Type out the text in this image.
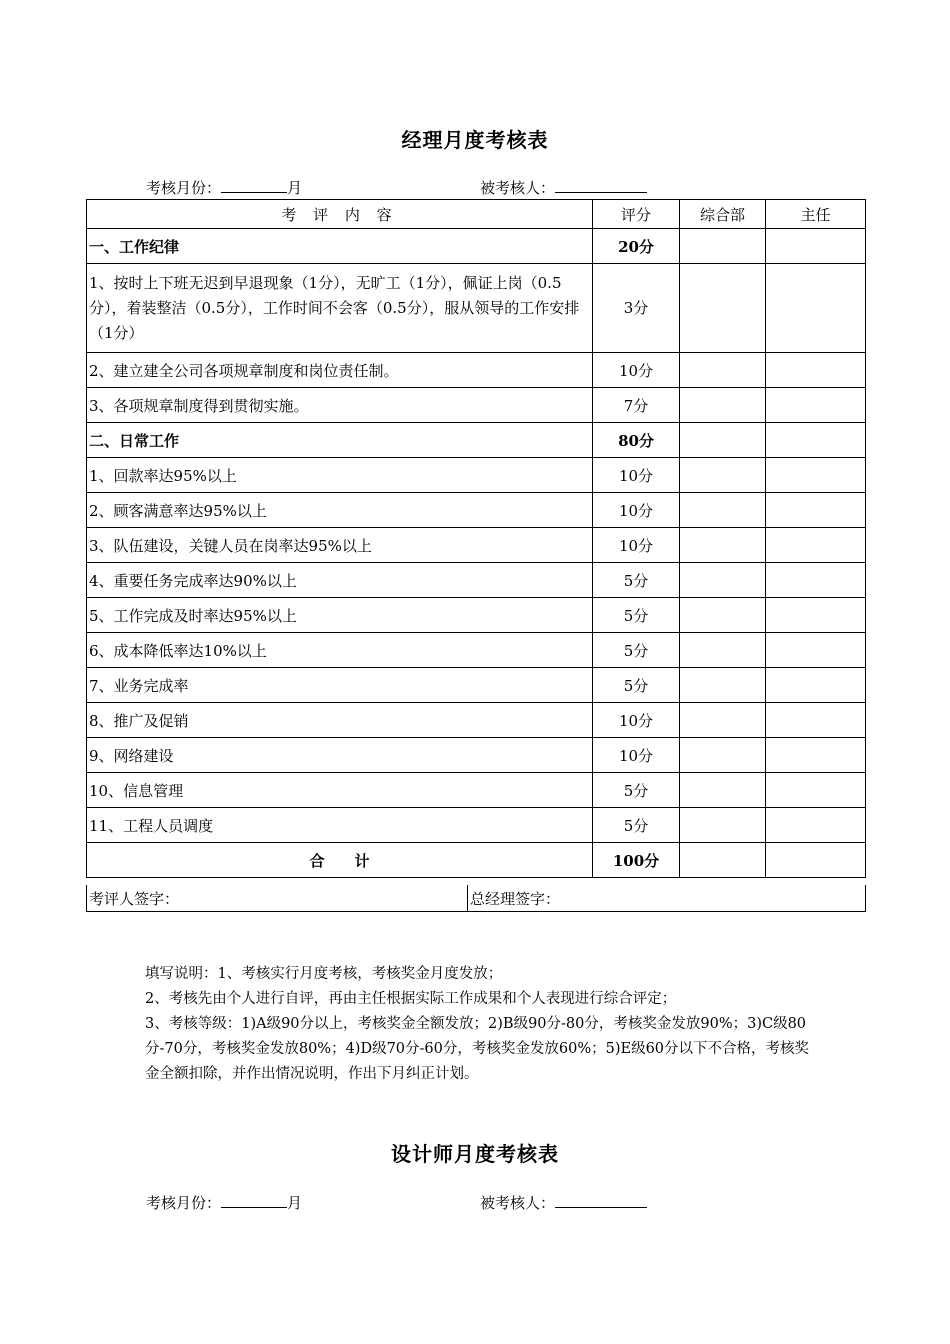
经理月度考核表
考核月份：	月	被考核人：
考 评 内 容	评分	综合部	主任
一、工作纪律	20分		
1、按时上下班无迟到早退现象（1分），无旷工（1分），佩证上岗（0.5分），着装整洁（0.5分），工作时间不会客（0.5分），服从领导的工作安排（1分）	3分		
2、建立建全公司各项规章制度和岗位责任制。	10分		
3、各项规章制度得到贯彻实施。	7分		
二、日常工作	80分		
1、回款率达95%以上	10分		
2、顾客满意率达95%以上	10分		
3、队伍建设，关键人员在岗率达95%以上	10分		
4、重要任务完成率达90%以上	5分		
5、工作完成及时率达95%以上	5分		
6、成本降低率达10%以上	5分		
7、业务完成率	5分		
8、推广及促销	10分		
9、网络建设	10分		
10、信息管理	5分		
11、工程人员调度	5分		
合　　计	100分		
考评人签字：	总经理签字：

填写说明：1、考核实行月度考核，考核奖金月度发放；

2、考核先由个人进行自评，再由主任根据实际工作成果和个人表现进行综合评定；

3、考核等级：1)A级90分以上，考核奖金全额发放；2)B级90分-80分，考核奖金发放90%；3)C级80分-70分，考核奖金发放80%；4)D级70分-60分，考核奖金发放60%；5)E级60分以下不合格，考核奖金全额扣除，并作出情况说明，作出下月纠正计划。

设计师月度考核表
考核月份：	月	被考核人：
